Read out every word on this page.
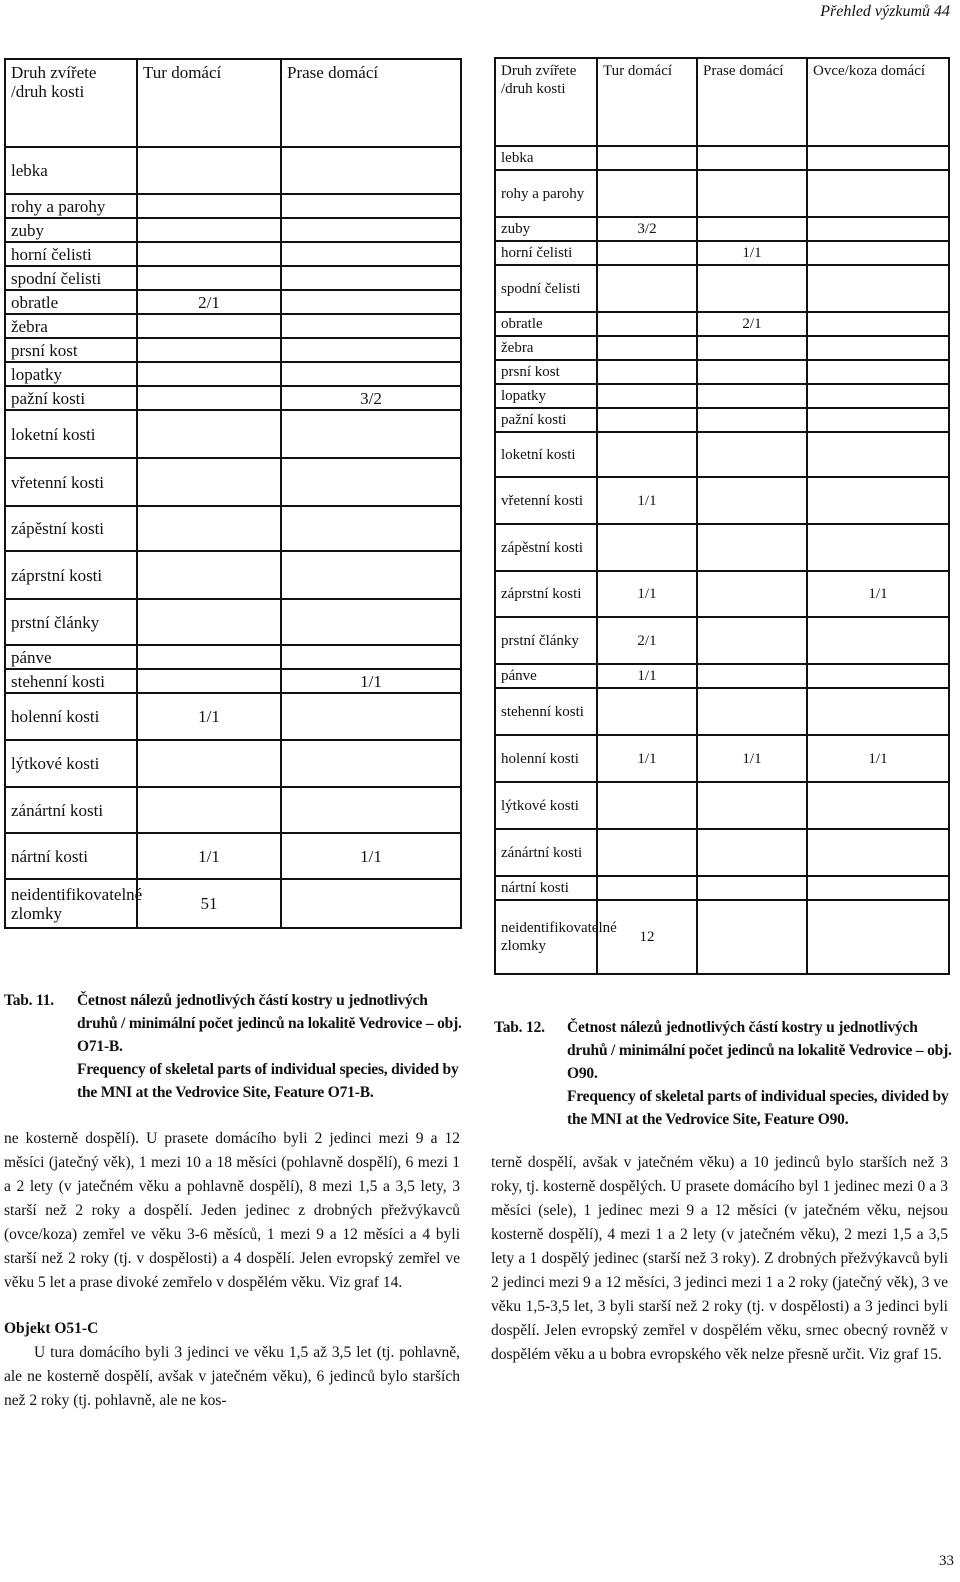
Přehled výzkumů 44
Druh zvířete /druh kosti	Tur domácí	Prase domácí
lebka		
rohy a parohy		
zuby		
horní čelisti		
spodní čelisti		
obratle	2/1	
žebra		
prsní kost		
lopatky		
pažní kosti		3/2
loketní kosti		
vřetenní kosti		
zápěstní kosti		
záprstní kosti		
prstní články		
pánve		
stehenní kosti		1/1
holenní kosti	1/1	
lýtkové kosti		
zánártní kosti		
nártní kosti	1/1	1/1
neidentifikovatelné zlomky	51	
Tab. 11. Četnost nálezů jednotlivých částí kostry u jednotlivých druhů / minimální počet jedinců na lokalitě Vedrovice – obj. O71-B.
Frequency of skeletal parts of individual species, divided by the MNI at the Vedrovice Site, Feature O71-B.
Druh zvířete /druh kosti	Tur domácí	Prase domácí	Ovce/koza domácí
lebka			
rohy a parohy			
zuby	3/2		
horní čelisti		1/1	
spodní čelisti			
obratle		2/1	
žebra			
prsní kost			
lopatky			
pažní kosti			
loketní kosti			
vřetenní kosti	1/1		
zápěstní kosti			
záprstní kosti	1/1		1/1
prstní články	2/1		
pánve	1/1		
stehenní kosti			
holenní kosti	1/1	1/1	1/1
lýtkové kosti			
zánártní kosti			
nártní kosti			
neidentifikovatelné zlomky	12		
Tab. 12. Četnost nálezů jednotlivých částí kostry u jednotlivých druhů / minimální počet jedinců na lokalitě Vedrovice – obj. O90.
Frequency of skeletal parts of individual species, divided by the MNI at the Vedrovice Site, Feature O90.

ne kosterně dospělí). U prasete domácího byli 2 jedinci mezi 9 a 12 měsíci (jatečný věk), 1 mezi 10 a 18 měsíci (pohlavně dospělí), 6 mezi 1 a 2 lety (v jatečném věku a pohlavně dospělí), 8 mezi 1,5 a 3,5 lety, 3 starší než 2 roky a dospělí. Jeden jedinec z drobných přežvýkavců (ovce/koza) zemřel ve věku 3-6 měsíců, 1 mezi 9 a 12 měsíci a 4 byli starší než 2 roky (tj. v dospělosti) a 4 dospělí. Jelen evropský zemřel ve věku 5 let a prase divoké zemřelo v dospělém věku. Viz graf 14.

Objekt O51-C

U tura domácího byli 3 jedinci ve věku 1,5 až 3,5 let (tj. pohlavně, ale ne kosterně dospělí, avšak v jatečném věku), 6 jedinců bylo starších než 2 roky (tj. pohlavně, ale ne kos-

terně dospělí, avšak v jatečném věku) a 10 jedinců bylo starších než 3 roky, tj. kosterně dospělých. U prasete domácího byl 1 jedinec mezi 0 a 3 měsíci (sele), 1 jedinec mezi 9 a 12 měsíci (v jatečném věku, nejsou kosterně dospělí), 4 mezi 1 a 2 lety (v jatečném věku), 2 mezi 1,5 a 3,5 lety a 1 dospělý jedinec (starší než 3 roky). Z drobných přežvýkavců byli 2 jedinci mezi 9 a 12 měsíci, 3 jedinci mezi 1 a 2 roky (jatečný věk), 3 ve věku 1,5-3,5 let, 3 byli starší než 2 roky (tj. v dospělosti) a 3 jedinci byli dospělí. Jelen evropský zemřel v dospělém věku, srnec obecný rovněž v dospělém věku a u bobra evropského věk nelze přesně určit. Viz graf 15.

33
